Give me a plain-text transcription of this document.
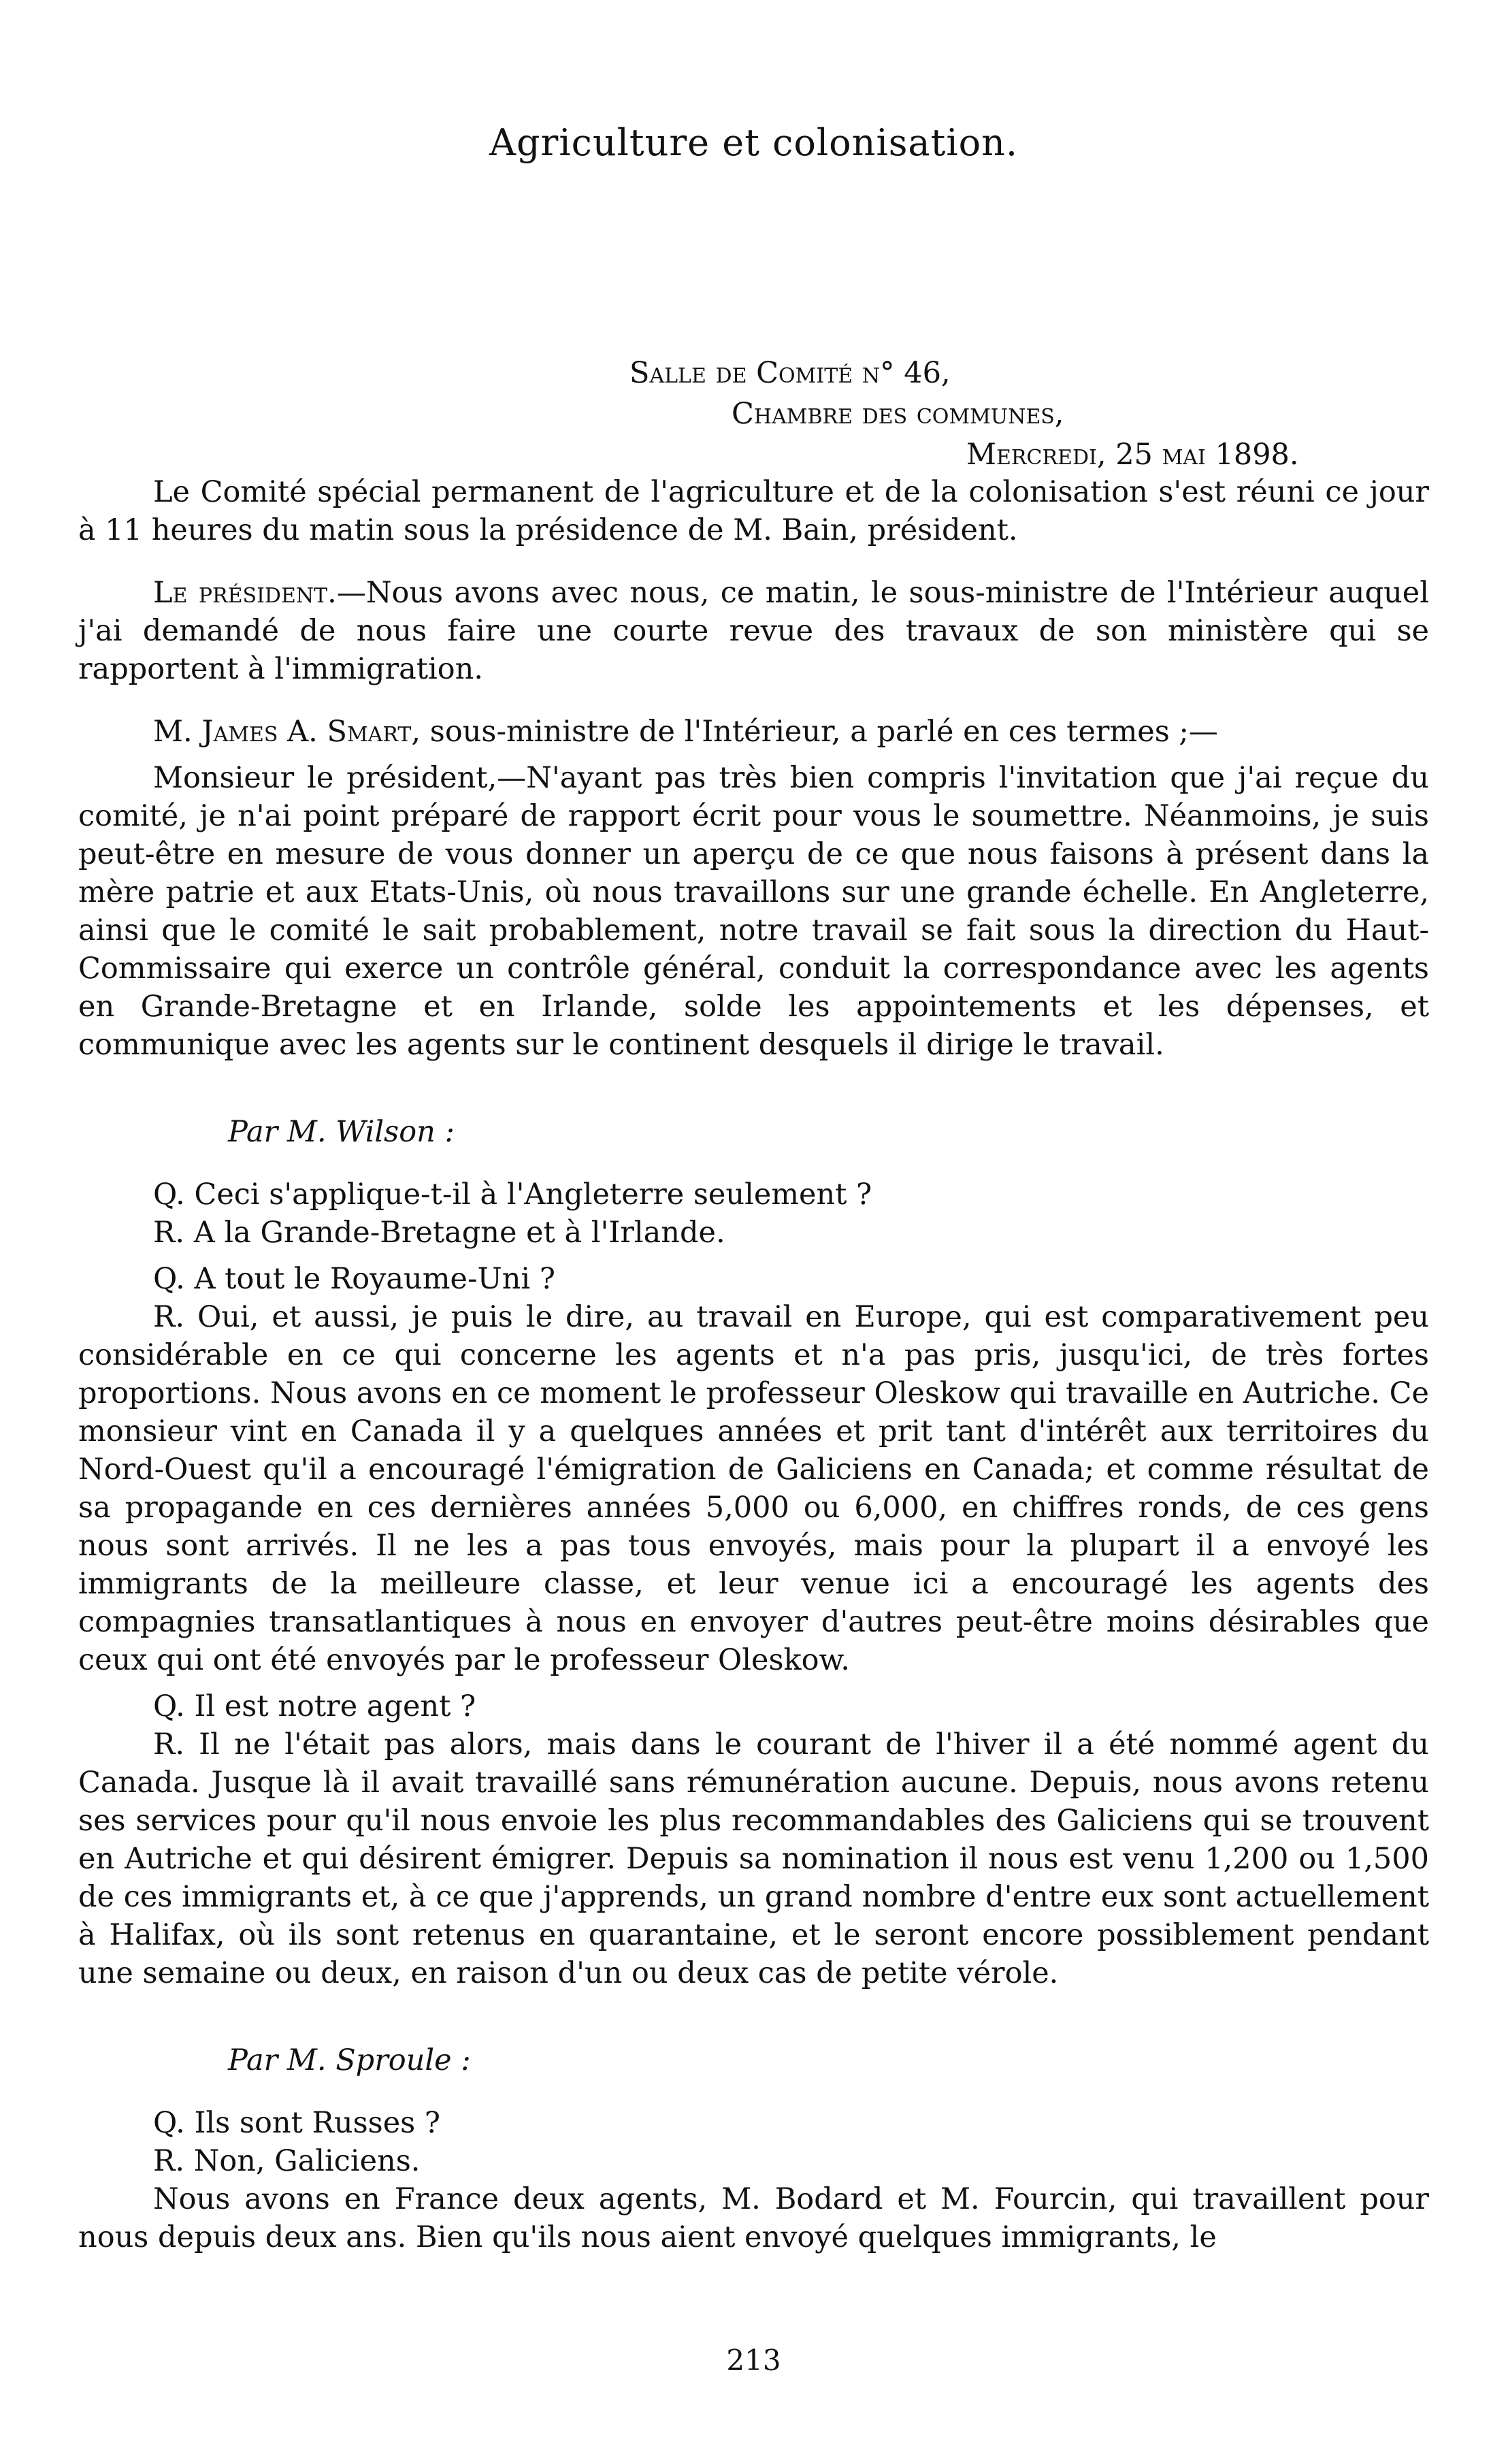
Agriculture et colonisation.
Salle de Comité n° 46,
Chambre des communes,
Mercredi, 25 mai 1898.

Le Comité spécial permanent de l'agriculture et de la colonisation s'est réuni ce jour à 11 heures du matin sous la présidence de M. Bain, président.

Le président.—Nous avons avec nous, ce matin, le sous-ministre de l'Intérieur auquel j'ai demandé de nous faire une courte revue des travaux de son ministère qui se rapportent à l'immigration.

M. James A. Smart, sous-ministre de l'Intérieur, a parlé en ces termes ;—

Monsieur le président,—N'ayant pas très bien compris l'invitation que j'ai reçue du comité, je n'ai point préparé de rapport écrit pour vous le soumettre. Néanmoins, je suis peut-être en mesure de vous donner un aperçu de ce que nous faisons à présent dans la mère patrie et aux Etats-Unis, où nous travaillons sur une grande échelle. En Angleterre, ainsi que le comité le sait probablement, notre travail se fait sous la direction du Haut-Commissaire qui exerce un contrôle général, conduit la correspondance avec les agents en Grande-Bretagne et en Irlande, solde les appointements et les dépenses, et communique avec les agents sur le continent desquels il dirige le travail.

Par M. Wilson :
Q. Ceci s'applique-t-il à l'Angleterre seulement ?
R. A la Grande-Bretagne et à l'Irlande.
Q. A tout le Royaume-Uni ?

R. Oui, et aussi, je puis le dire, au travail en Europe, qui est comparativement peu considérable en ce qui concerne les agents et n'a pas pris, jusqu'ici, de très fortes proportions. Nous avons en ce moment le professeur Oleskow qui travaille en Autriche. Ce monsieur vint en Canada il y a quelques années et prit tant d'intérêt aux territoires du Nord-Ouest qu'il a encouragé l'émigration de Galiciens en Canada; et comme résultat de sa propagande en ces dernières années 5,000 ou 6,000, en chiffres ronds, de ces gens nous sont arrivés. Il ne les a pas tous envoyés, mais pour la plupart il a envoyé les immigrants de la meilleure classe, et leur venue ici a encouragé les agents des compagnies transatlantiques à nous en envoyer d'autres peut-être moins désirables que ceux qui ont été envoyés par le professeur Oleskow.

Q. Il est notre agent ?

R. Il ne l'était pas alors, mais dans le courant de l'hiver il a été nommé agent du Canada. Jusque là il avait travaillé sans rémunération aucune. Depuis, nous avons retenu ses services pour qu'il nous envoie les plus recommandables des Galiciens qui se trouvent en Autriche et qui désirent émigrer. Depuis sa nomination il nous est venu 1,200 ou 1,500 de ces immigrants et, à ce que j'apprends, un grand nombre d'entre eux sont actuellement à Halifax, où ils sont retenus en quarantaine, et le seront encore possiblement pendant une semaine ou deux, en raison d'un ou deux cas de petite vérole.

Par M. Sproule :
Q. Ils sont Russes ?
R. Non, Galiciens.

Nous avons en France deux agents, M. Bodard et M. Fourcin, qui travaillent pour nous depuis deux ans. Bien qu'ils nous aient envoyé quelques immigrants, le

213
